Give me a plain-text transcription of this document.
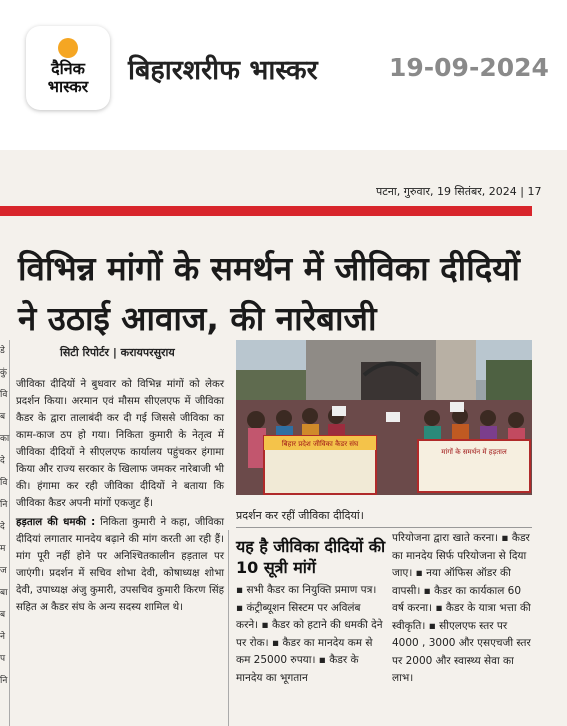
दैनिक
भास्कर
बिहारशरीफ भास्कर	19-09-2024
पटना, गुरुवार, 19 सितंबर, 2024 | 17
डे
कुं
वि
ब
का
दे
वि
नि
दे
म
ज
बा
ब
ने
प
नि
विभिन्न मांगों के समर्थन में जीविका दीदियों ने उठाई आवाज, की नारेबाजी
सिटी रिपोर्टर | करायपरसुराय
बिहार प्रदेश जीविका कैडर संघ
मांगों के समर्थन में हड़ताल
प्रदर्शन कर रहीं जीविका दीदियां।

जीविका दीदियों ने बुधवार को विभिन्न मांगों को लेकर प्रदर्शन किया। अरमान एवं मौसम सीएलएफ में जीविका कैडर के द्वारा तालाबंदी कर दी गई जिससे जीविका का काम-काज ठप हो गया। निकिता कुमारी के नेतृत्व में जीविका दीदियों ने सीएलएफ कार्यालय पहुंचकर हंगामा किया और राज्य सरकार के खिलाफ जमकर नारेबाजी भी की। हंगामा कर रही जीविका दीदियों ने बताया कि जीविका कैडर अपनी मांगों एकजुट हैं।

हड़ताल की धमकी : निकिता कुमारी ने कहा, जीविका दीदियां लगातार मानदेय बढ़ाने की मांग करती आ रही हैं। मांग पूरी नहीं होने पर अनिश्चितकालीन हड़ताल पर जाएंगी। प्रदर्शन में सचिव शोभा देवी, कोषाध्यक्ष शोभा देवी, उपाध्यक्ष अंजु कुमारी, उपसचिव कुमारी किरण सिंह सहित अ कैडर संघ के अन्य सदस्य शामिल थे।

यह है जीविका दीदियों की 10 सूत्री मांगें

▪ सभी कैडर का नियुक्ति प्रमाण पत्र। ▪ कंट्रीब्यूशन सिस्टम पर अविलंब करने। ▪ कैडर को हटाने की धमकी देने पर रोक। ▪ कैडर का मानदेय कम से कम 25000 रुपया। ▪ कैडर के मानदेय का भूगतान

परियोजना द्वारा खाते करना। ▪ कैडर का मानदेय सिर्फ परियोजना से दिया जाए। ▪ नया ऑफिस ऑडर की वापसी। ▪ कैडर का कार्यकाल 60 वर्ष करना। ▪ कैडर के यात्रा भत्ता की स्वीकृति। ▪ सीएलएफ स्तर पर 4000 , 3000 और एसएचजी स्तर पर 2000 और स्वास्थ्य सेवा का लाभ।
